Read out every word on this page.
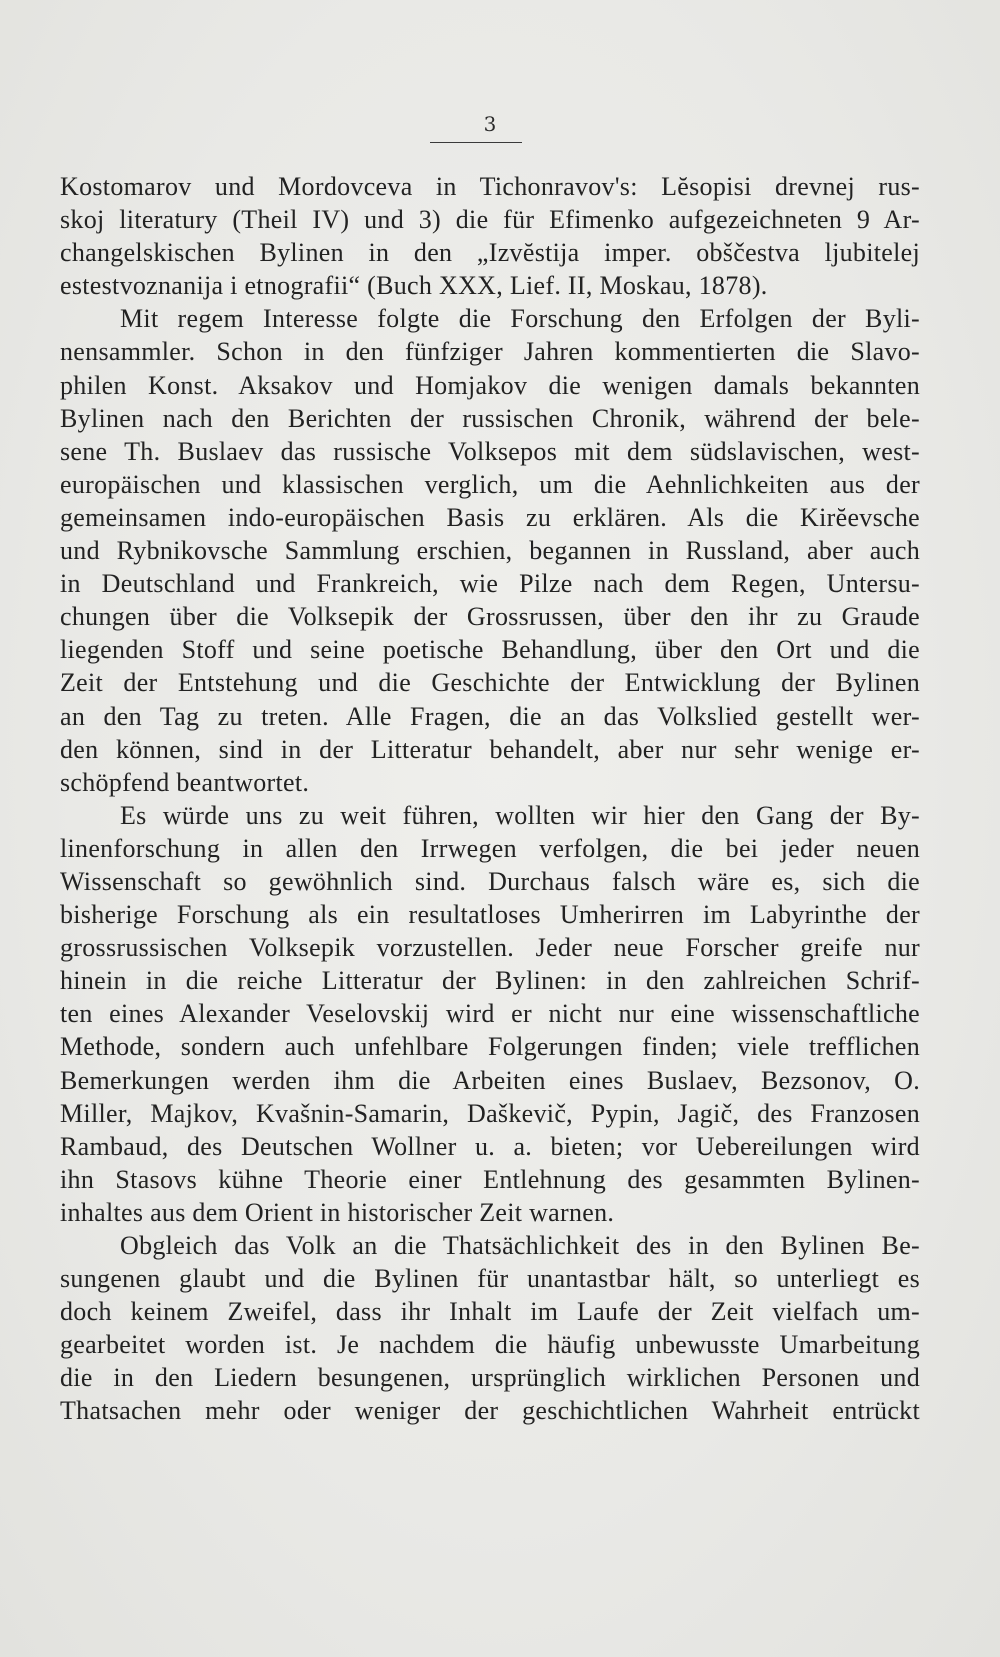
3
Kostomarov und Mordovceva in Tichonravov's: Lĕsopisi drevnej rus-
skoj literatury (Theil IV) und 3) die für Efimenko aufgezeichneten 9 Ar-
changelskischen Bylinen in den „Izvĕstija imper. obščestva ljubitelej
estestvoznanija i etnografii“ (Buch XXX, Lief. II, Moskau, 1878).
Mit regem Interesse folgte die Forschung den Erfolgen der Byli-
nensammler. Schon in den fünfziger Jahren kommentierten die Slavo-
philen Konst. Aksakov und Homjakov die wenigen damals bekannten
Bylinen nach den Berichten der russischen Chronik, während der bele-
sene Th. Buslaev das russische Volksepos mit dem südslavischen, west-
europäischen und klassischen verglich, um die Aehnlichkeiten aus der
gemeinsamen indo-europäischen Basis zu erklären. Als die Kirĕevsche
und Rybnikovsche Sammlung erschien, begannen in Russland, aber auch
in Deutschland und Frankreich, wie Pilze nach dem Regen, Untersu-
chungen über die Volksepik der Grossrussen, über den ihr zu Graude
liegenden Stoff und seine poetische Behandlung, über den Ort und die
Zeit der Entstehung und die Geschichte der Entwicklung der Bylinen
an den Tag zu treten. Alle Fragen, die an das Volkslied gestellt wer-
den können, sind in der Litteratur behandelt, aber nur sehr wenige er-
schöpfend beantwortet.
Es würde uns zu weit führen, wollten wir hier den Gang der By-
linenforschung in allen den Irrwegen verfolgen, die bei jeder neuen
Wissenschaft so gewöhnlich sind. Durchaus falsch wäre es, sich die
bisherige Forschung als ein resultatloses Umherirren im Labyrinthe der
grossrussischen Volksepik vorzustellen. Jeder neue Forscher greife nur
hinein in die reiche Litteratur der Bylinen: in den zahlreichen Schrif-
ten eines Alexander Veselovskij wird er nicht nur eine wissenschaftliche
Methode, sondern auch unfehlbare Folgerungen finden; viele trefflichen
Bemerkungen werden ihm die Arbeiten eines Buslaev, Bezsonov, O.
Miller, Majkov, Kvašnin-Samarin, Daškevič, Pypin, Jagič, des Franzosen
Rambaud, des Deutschen Wollner u. a. bieten; vor Uebereilungen wird
ihn Stasovs kühne Theorie einer Entlehnung des gesammten Bylinen-
inhaltes aus dem Orient in historischer Zeit warnen.
Obgleich das Volk an die Thatsächlichkeit des in den Bylinen Be-
sungenen glaubt und die Bylinen für unantastbar hält, so unterliegt es
doch keinem Zweifel, dass ihr Inhalt im Laufe der Zeit vielfach um-
gearbeitet worden ist. Je nachdem die häufig unbewusste Umarbeitung
die in den Liedern besungenen, ursprünglich wirklichen Personen und
Thatsachen mehr oder weniger der geschichtlichen Wahrheit entrückt
